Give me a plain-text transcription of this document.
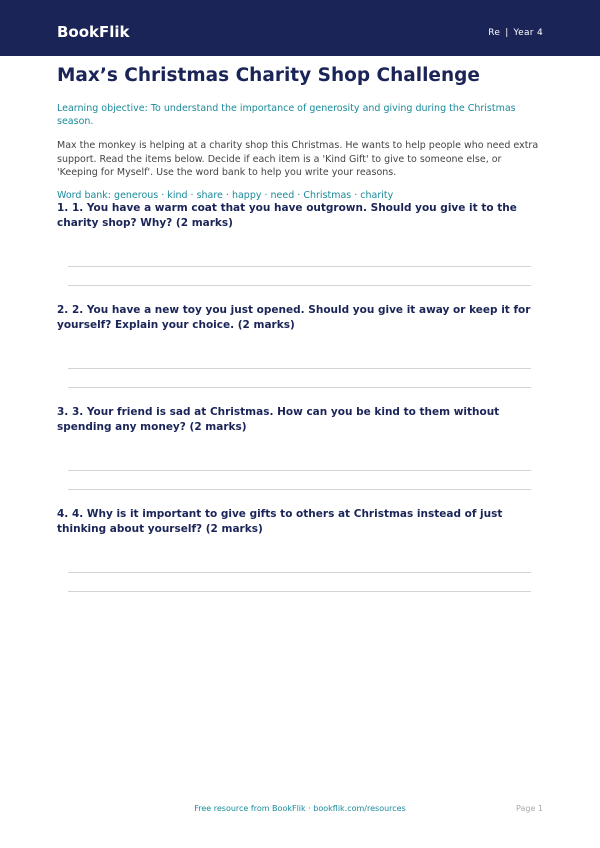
BookFlik	Re | Year 4
Max’s Christmas Charity Shop Challenge

Learning objective: To understand the importance of generosity and giving during the Christmas season.

Max the monkey is helping at a charity shop this Christmas. He wants to help people who need extra support. Read the items below. Decide if each item is a 'Kind Gift' to give to someone else, or 'Keeping for Myself'. Use the word bank to help you write your reasons.

Word bank: generous · kind · share · happy · need · Christmas · charity

1. 1. You have a warm coat that you have outgrown. Should you give it to the charity shop? Why? (2 marks)
2. 2. You have a new toy you just opened. Should you give it away or keep it for yourself? Explain your choice. (2 marks)
3. 3. Your friend is sad at Christmas. How can you be kind to them without spending any money? (2 marks)
4. 4. Why is it important to give gifts to others at Christmas instead of just thinking about yourself? (2 marks)
Free resource from BookFlik · bookflik.com/resources	Page 1
